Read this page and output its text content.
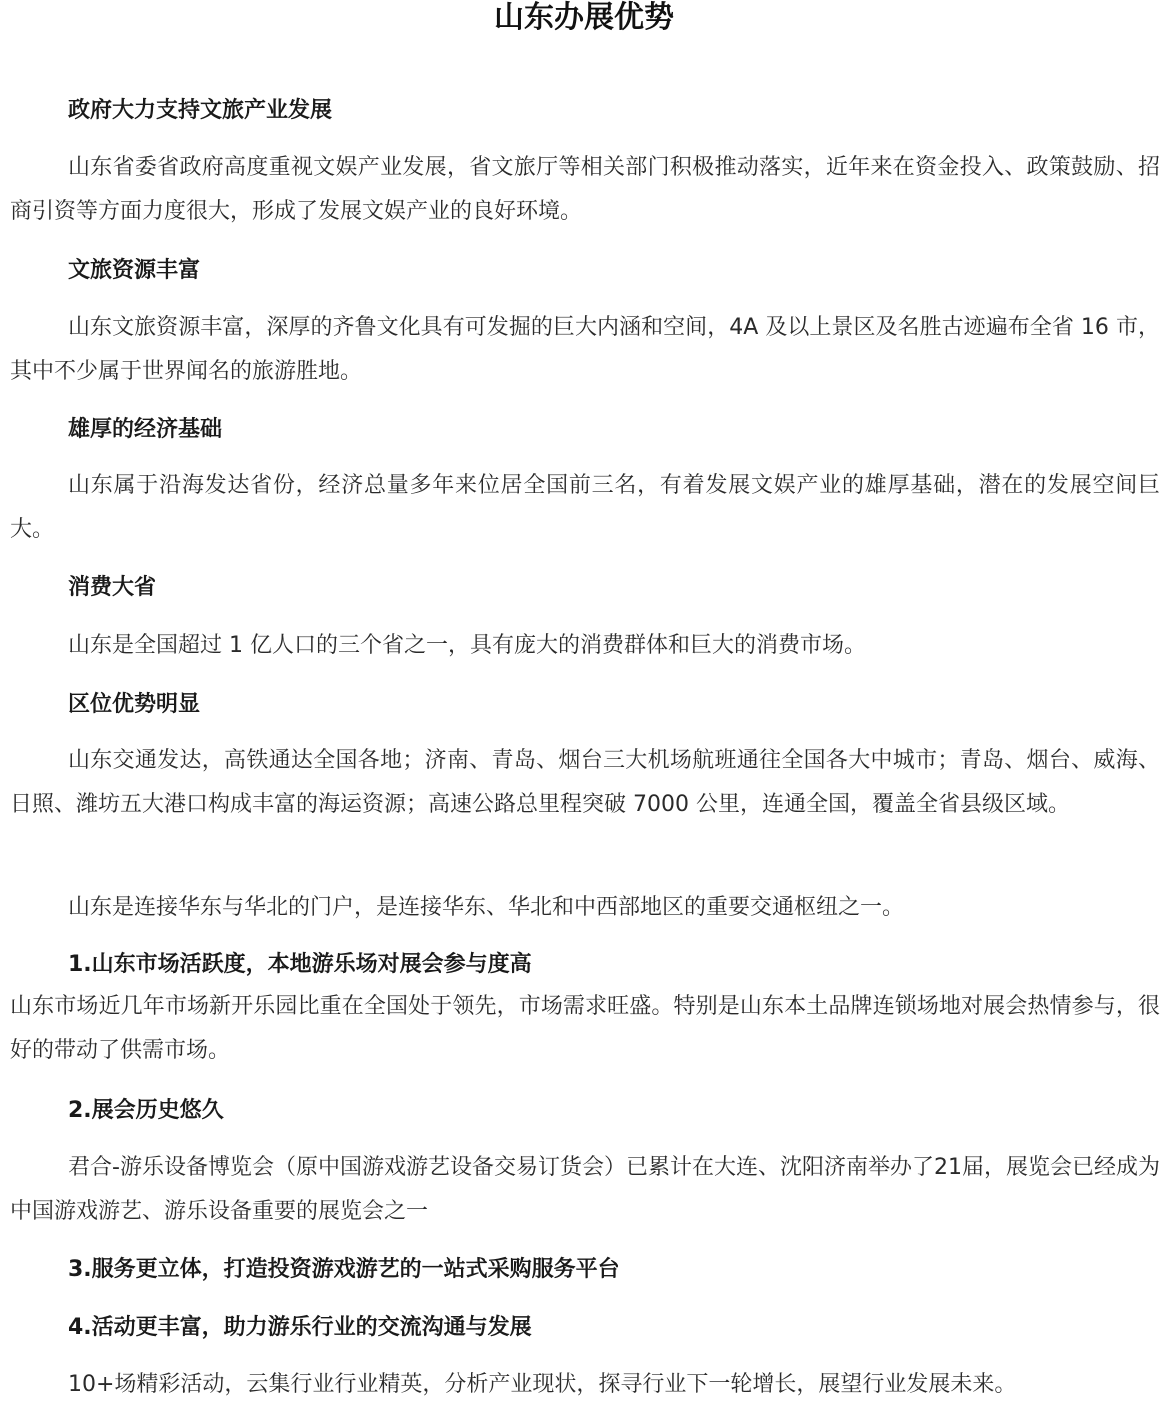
山东办展优势
政府大力支持文旅产业发展
山东省委省政府高度重视文娱产业发展，省文旅厅等相关部门积极推动落实，近年来在资金投入、政策鼓励、招商引资等方面力度很大，形成了发展文娱产业的良好环境。
文旅资源丰富
山东文旅资源丰富，深厚的齐鲁文化具有可发掘的巨大内涵和空间，4A 及以上景区及名胜古迹遍布全省 16 市，其中不少属于世界闻名的旅游胜地。
雄厚的经济基础
山东属于沿海发达省份，经济总量多年来位居全国前三名，有着发展文娱产业的雄厚基础，潜在的发展空间巨大。
消费大省
山东是全国超过 1 亿人口的三个省之一，具有庞大的消费群体和巨大的消费市场。
区位优势明显
山东交通发达，高铁通达全国各地；济南、青岛、烟台三大机场航班通往全国各大中城市；青岛、烟台、威海、日照、潍坊五大港口构成丰富的海运资源；高速公路总里程突破 7000 公里，连通全国，覆盖全省县级区域。
山东是连接华东与华北的门户，是连接华东、华北和中西部地区的重要交通枢纽之一。
1.山东市场活跃度，本地游乐场对展会参与度高
山东市场近几年市场新开乐园比重在全国处于领先，市场需求旺盛。特别是山东本土品牌连锁场地对展会热情参与，很好的带动了供需市场。
2.展会历史悠久
君合-游乐设备博览会（原中国游戏游艺设备交易订货会）已累计在大连、沈阳济南举办了21届，展览会已经成为中国游戏游艺、游乐设备重要的展览会之一
3.服务更立体，打造投资游戏游艺的一站式采购服务平台
4.活动更丰富，助力游乐行业的交流沟通与发展
10+场精彩活动，云集行业行业精英，分析产业现状，探寻行业下一轮增长，展望行业发展未来。
